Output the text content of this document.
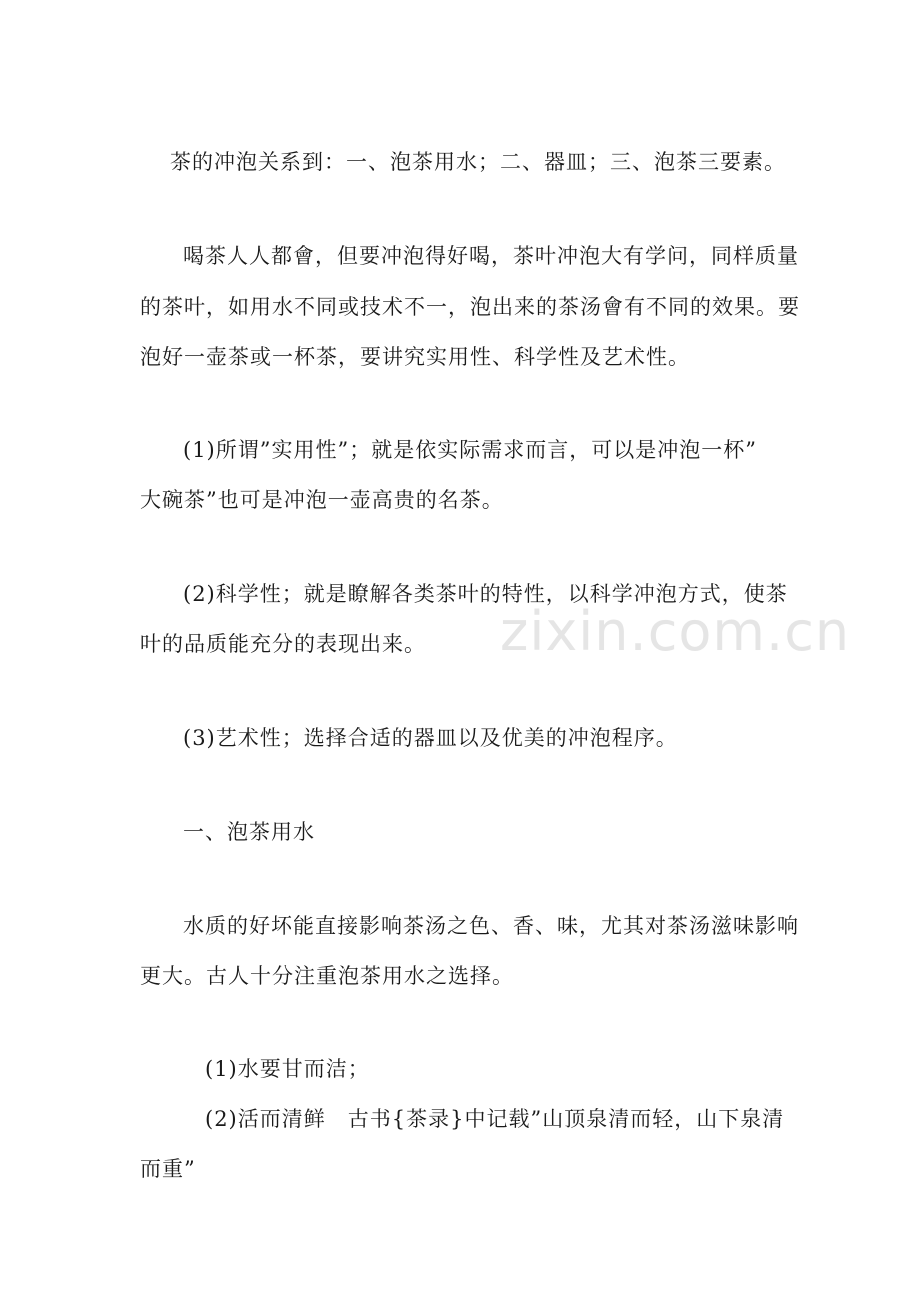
茶的冲泡关系到：一、泡茶用水；二、器皿；三、泡茶三要素。
喝茶人人都會，但要冲泡得好喝，茶叶冲泡大有学问，同样质量
的茶叶，如用水不同或技术不一，泡出来的茶汤會有不同的效果。要
泡好一壶茶或一杯茶，要讲究实用性、科学性及艺术性。
(1)所谓”实用性”；就是依实际需求而言，可以是冲泡一杯”
大碗茶”也可是冲泡一壶高贵的名茶。
(2)科学性；就是瞭解各类茶叶的特性，以科学冲泡方式，使茶
叶的品质能充分的表现出来。
(3)艺术性；选择合适的器皿以及优美的冲泡程序。
一、泡茶用水
水质的好坏能直接影响茶汤之色、香、味，尤其对茶汤滋味影响
更大。古人十分注重泡茶用水之选择。
(1)水要甘而洁；
(2)活而清鲜　古书{茶录}中记载”山顶泉清而轻，山下泉清
而重”
zixin.com.cn
